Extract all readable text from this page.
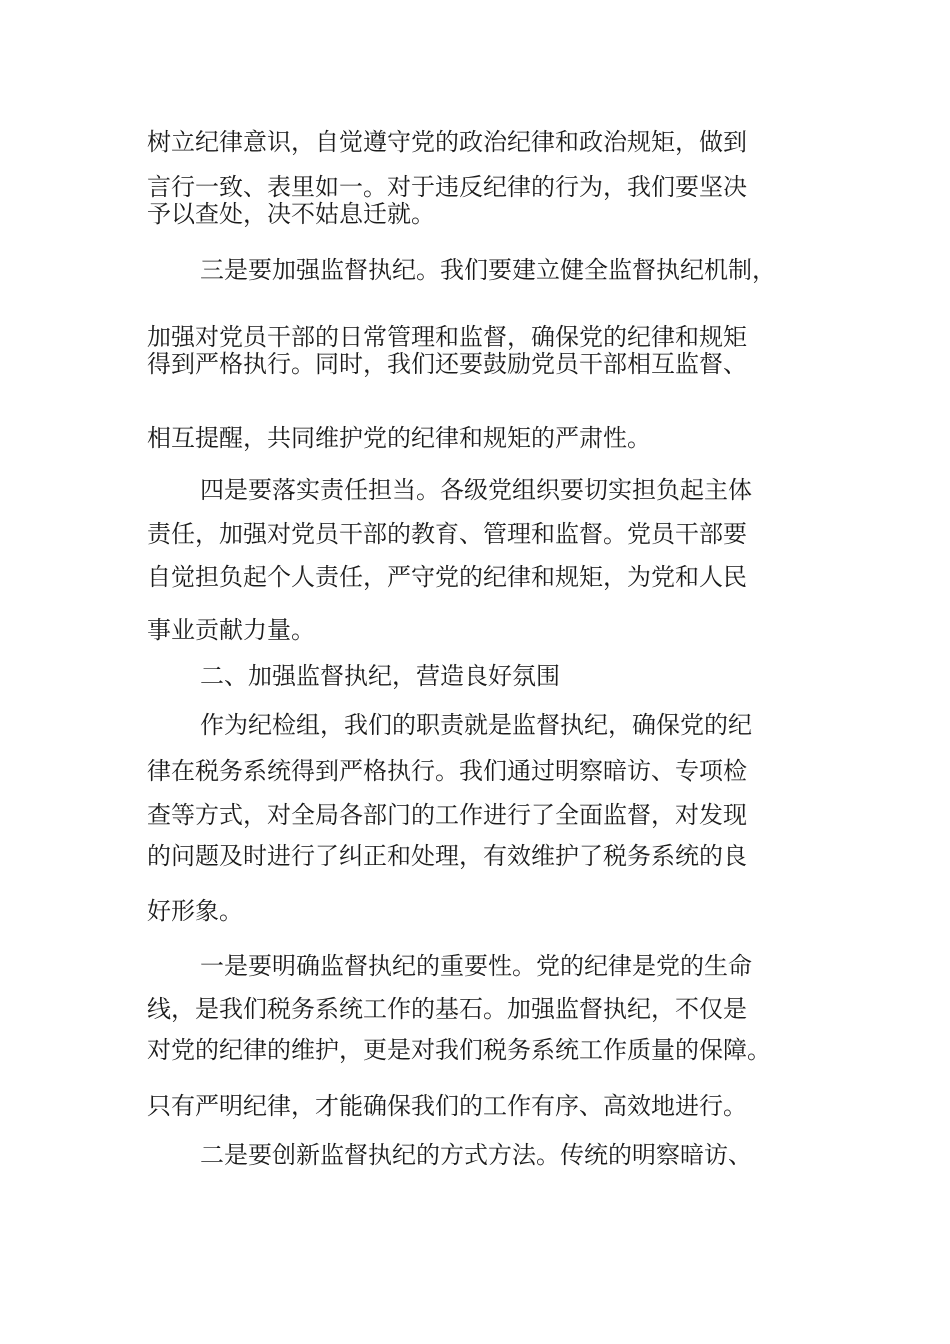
树立纪律意识，自觉遵守党的政治纪律和政治规矩，做到
言行一致、表里如一。对于违反纪律的行为，我们要坚决
予以查处，决不姑息迁就。
三是要加强监督执纪。我们要建立健全监督执纪机制，
加强对党员干部的日常管理和监督，确保党的纪律和规矩
得到严格执行。同时，我们还要鼓励党员干部相互监督、
相互提醒，共同维护党的纪律和规矩的严肃性。
四是要落实责任担当。各级党组织要切实担负起主体
责任，加强对党员干部的教育、管理和监督。党员干部要
自觉担负起个人责任，严守党的纪律和规矩，为党和人民
事业贡献力量。
二、加强监督执纪，营造良好氛围
作为纪检组，我们的职责就是监督执纪，确保党的纪
律在税务系统得到严格执行。我们通过明察暗访、专项检
查等方式，对全局各部门的工作进行了全面监督，对发现
的问题及时进行了纠正和处理，有效维护了税务系统的良
好形象。
一是要明确监督执纪的重要性。党的纪律是党的生命
线，是我们税务系统工作的基石。加强监督执纪，不仅是
对党的纪律的维护，更是对我们税务系统工作质量的保障。
只有严明纪律，才能确保我们的工作有序、高效地进行。
二是要创新监督执纪的方式方法。传统的明察暗访、
